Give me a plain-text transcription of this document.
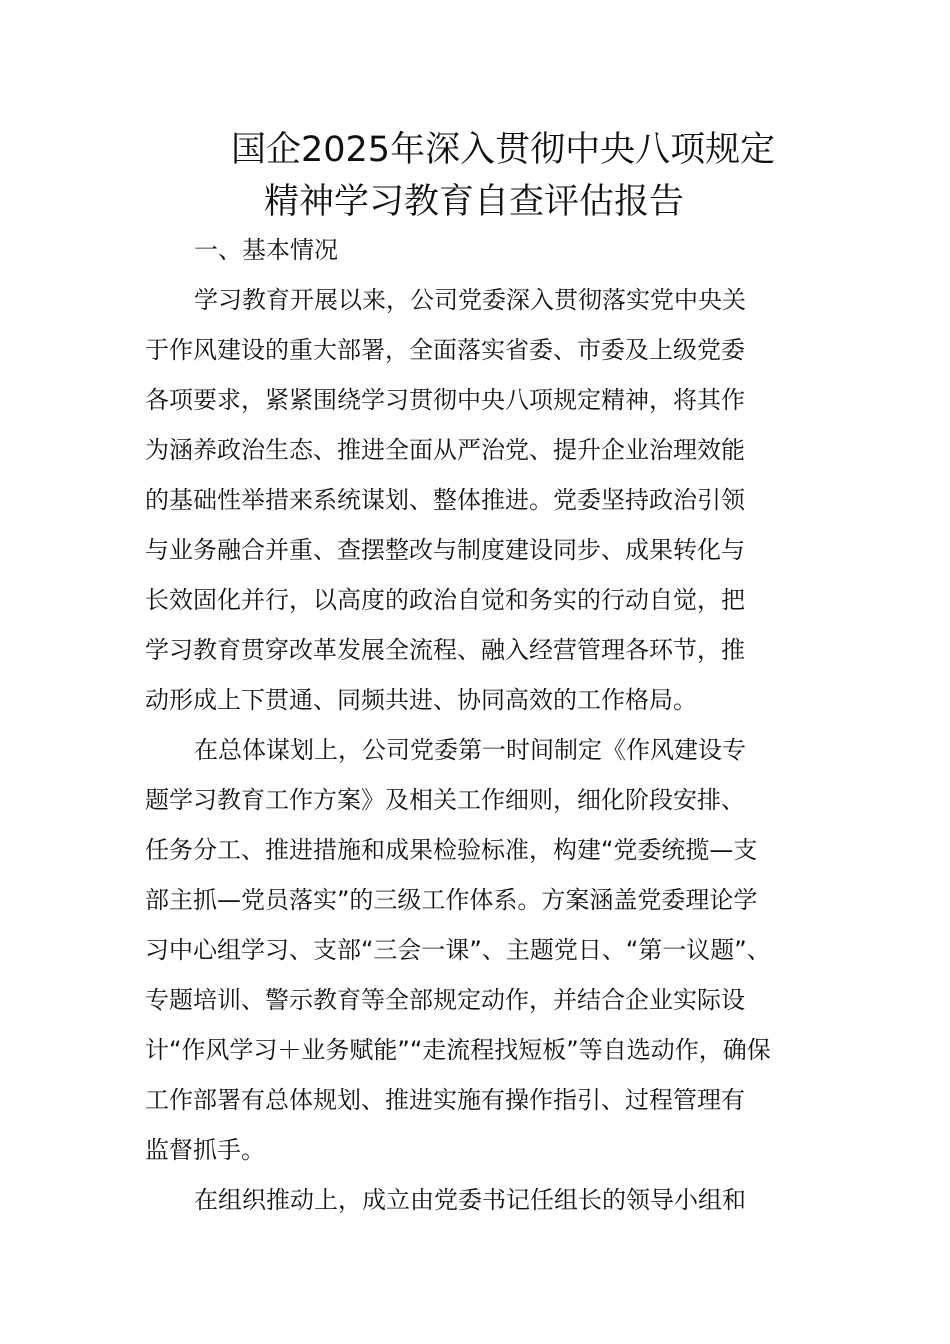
国企2025年深入贯彻中央八项规定
精神学习教育自查评估报告
一、基本情况
学习教育开展以来，公司党委深入贯彻落实党中央关
于作风建设的重大部署，全面落实省委、市委及上级党委
各项要求，紧紧围绕学习贯彻中央八项规定精神，将其作
为涵养政治生态、推进全面从严治党、提升企业治理效能
的基础性举措来系统谋划、整体推进。党委坚持政治引领
与业务融合并重、查摆整改与制度建设同步、成果转化与
长效固化并行，以高度的政治自觉和务实的行动自觉，把
学习教育贯穿改革发展全流程、融入经营管理各环节，推
动形成上下贯通、同频共进、协同高效的工作格局。
在总体谋划上，公司党委第一时间制定《作风建设专
题学习教育工作方案》及相关工作细则，细化阶段安排、
任务分工、推进措施和成果检验标准，构建“党委统揽—支
部主抓—党员落实”的三级工作体系。方案涵盖党委理论学
习中心组学习、支部“三会一课”、主题党日、“第一议题”、
专题培训、警示教育等全部规定动作，并结合企业实际设
计“作风学习＋业务赋能”“走流程找短板”等自选动作，确保
工作部署有总体规划、推进实施有操作指引、过程管理有
监督抓手。
在组织推动上，成立由党委书记任组长的领导小组和
